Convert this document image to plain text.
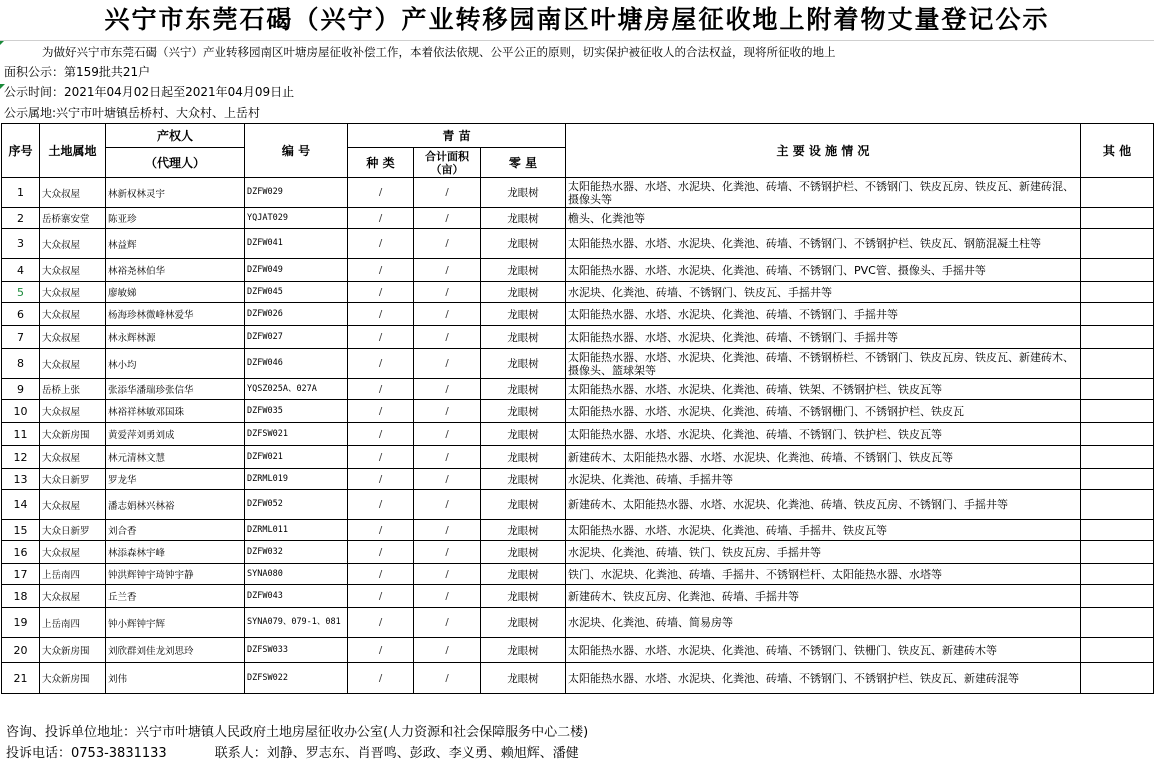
兴宁市东莞石碣（兴宁）产业转移园南区叶塘房屋征收地上附着物丈量登记公示
为做好兴宁市东莞石碣（兴宁）产业转移园南区叶塘房屋征收补偿工作，本着依法依规、公平公正的原则，切实保护被征收人的合法权益，现将所征收的地上
面积公示：第159批共21户
公示时间：2021年04月02日起至2021年04月09日止
公示属地:兴宁市叶塘镇岳桥村、大众村、上岳村
序号	土地属地	产权人	编 号	青 苗			主 要 设 施 情 况	其 他
		（代理人）		种 类	合计面积（亩）	零 星		
1	大众叔屋	林新权林灵宇	DZFW029	/	/	龙眼树	太阳能热水器、水塔、水泥块、化粪池、砖墙、不锈钢护栏、不锈钢门、铁皮瓦房、铁皮瓦、新建砖混、摄像头等	
2	岳桥寨安堂	陈亚珍	YQJAT029	/	/	龙眼树	檐头、化粪池等	
3	大众叔屋	林益辉	DZFW041	/	/	龙眼树	太阳能热水器、水塔、水泥块、化粪池、砖墙、不锈钢门、不锈钢护栏、铁皮瓦、钢筋混凝土柱等	
4	大众叔屋	林裕尧林伯华	DZFW049	/	/	龙眼树	太阳能热水器、水塔、水泥块、化粪池、砖墙、不锈钢门、PVC管、摄像头、手摇井等	
5	大众叔屋	廖敏娣	DZFW045	/	/	龙眼树	水泥块、化粪池、砖墙、不锈钢门、铁皮瓦、手摇井等	
6	大众叔屋	杨海珍林微峰林爱华	DZFW026	/	/	龙眼树	太阳能热水器、水塔、水泥块、化粪池、砖墙、不锈钢门、手摇井等	
7	大众叔屋	林永辉林源	DZFW027	/	/	龙眼树	太阳能热水器、水塔、水泥块、化粪池、砖墙、不锈钢门、手摇井等	
8	大众叔屋	林小均	DZFW046	/	/	龙眼树	太阳能热水器、水塔、水泥块、化粪池、砖墙、不锈钢桥栏、不锈钢门、铁皮瓦房、铁皮瓦、新建砖木、摄像头、篮球架等	
9	岳桥上张	张添华潘瑞珍张信华	YQSZ025A、027A	/	/	龙眼树	太阳能热水器、水塔、水泥块、化粪池、砖墙、铁架、不锈钢护栏、铁皮瓦等	
10	大众叔屋	林裕祥林敏邓国珠	DZFW035	/	/	龙眼树	太阳能热水器、水塔、水泥块、化粪池、砖墙、不锈钢栅门、不锈钢护栏、铁皮瓦	
11	大众新房围	黄爱萍刘勇刘成	DZFSW021	/	/	龙眼树	太阳能热水器、水塔、水泥块、化粪池、砖墙、不锈钢门、铁护栏、铁皮瓦等	
12	大众叔屋	林元清林文慧	DZFW021	/	/	龙眼树	新建砖木、太阳能热水器、水塔、水泥块、化粪池、砖墙、不锈钢门、铁皮瓦等	
13	大众日新罗	罗龙华	DZRML019	/	/	龙眼树	水泥块、化粪池、砖墙、手摇井等	
14	大众叔屋	潘志娟林兴林裕	DZFW052	/	/	龙眼树	新建砖木、太阳能热水器、水塔、水泥块、化粪池、砖墙、铁皮瓦房、不锈钢门、手摇井等	
15	大众日新罗	刘合香	DZRML011	/	/	龙眼树	太阳能热水器、水塔、水泥块、化粪池、砖墙、手摇井、铁皮瓦等	
16	大众叔屋	林添森林宇峰	DZFW032	/	/	龙眼树	水泥块、化粪池、砖墙、铁门、铁皮瓦房、手摇井等	
17	上岳南四	钟洪辉钟宇琦钟宇静	SYNA080	/	/	龙眼树	铁门、水泥块、化粪池、砖墙、手摇井、不锈钢栏杆、太阳能热水器、水塔等	
18	大众叔屋	丘兰香	DZFW043	/	/	龙眼树	新建砖木、铁皮瓦房、化粪池、砖墙、手摇井等	
19	上岳南四	钟小辉钟宇辉	SYNA079、079-1、081	/	/	龙眼树	水泥块、化粪池、砖墙、简易房等	
20	大众新房围	刘欣群刘佳龙刘思玲	DZFSW033	/	/	龙眼树	太阳能热水器、水塔、水泥块、化粪池、砖墙、不锈钢门、铁栅门、铁皮瓦、新建砖木等	
21	大众新房围	刘伟	DZFSW022	/	/	龙眼树	太阳能热水器、水塔、水泥块、化粪池、砖墙、不锈钢门、不锈钢护栏、铁皮瓦、新建砖混等	
咨询、投诉单位地址：兴宁市叶塘镇人民政府土地房屋征收办公室(人力资源和社会保障服务中心二楼)
投诉电话：0753-3831133	联系人：刘静、罗志东、肖晋鸣、彭政、李义勇、赖旭辉、潘健
